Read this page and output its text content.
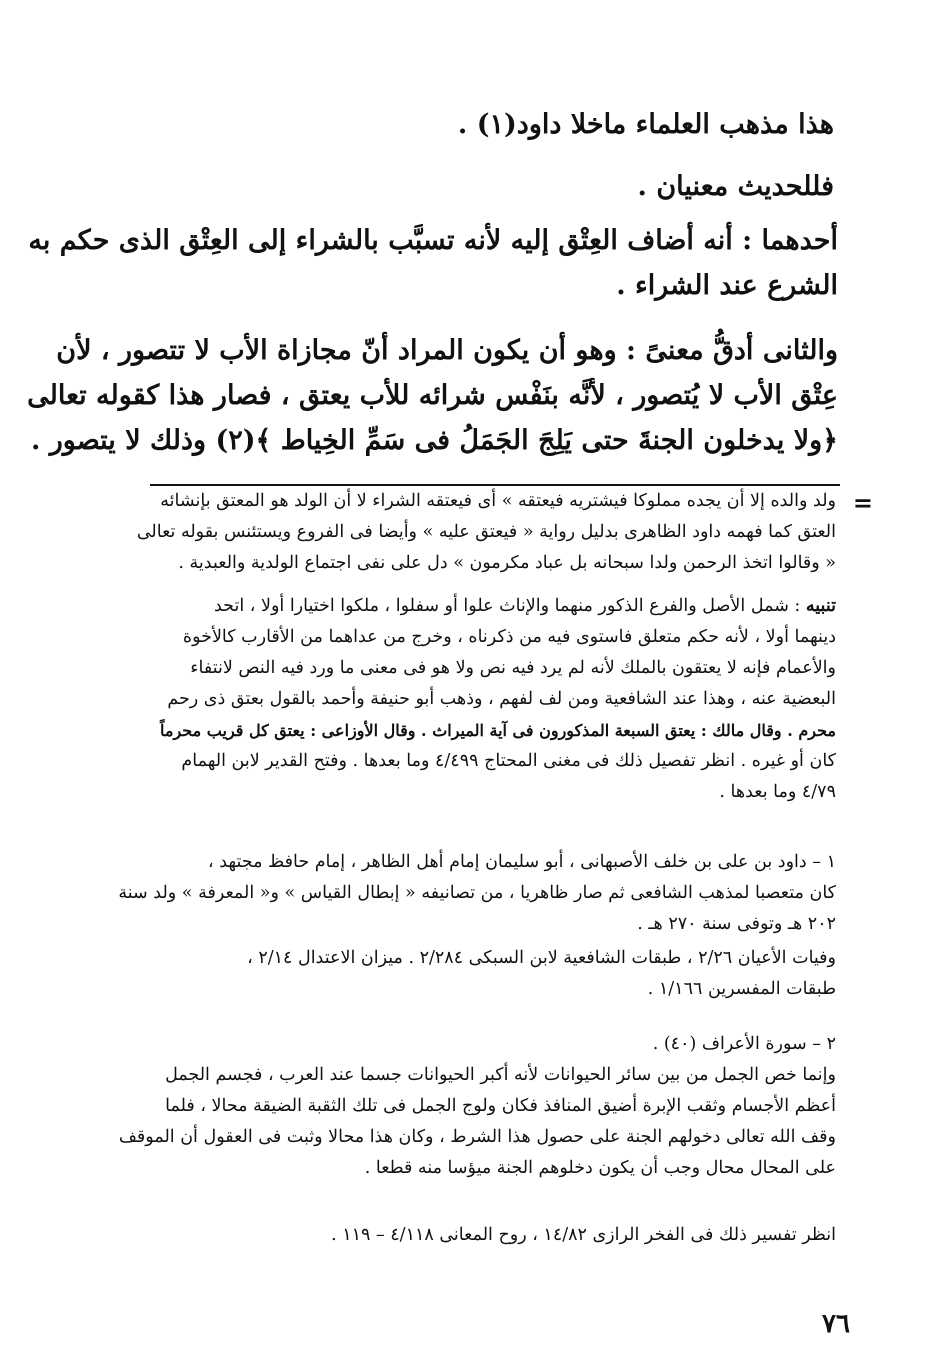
هذا مذهب العلماء ماخلا داود(١) .
فللحديث معنيان .
أحدهما : أنه أضاف العِتْق إليه لأنه تسبَّب بالشراء إلى العِتْق الذى حكم به
الشرع عند الشراء .
والثانى أدقُّ معنىً : وهو أن يكون المراد أنّ مجازاة الأب لا تتصور ، لأن
عِتْق الأب لا يُتصور ، لأنَّه بنَفْس شرائه للأب يعتق ، فصار هذا كقوله تعالى
﴿ولا يدخلون الجنةَ حتى يَلِجَ الجَمَلُ فى سَمِّ الخِياط ﴾(٢) وذلك لا يتصور .
=
ولد والده إلا أن يجده مملوكا فيشتريه فيعتقه » أى فيعتقه الشراء لا أن الولد هو المعتق بإنشائه
العتق كما فهمه داود الظاهرى بدليل رواية « فيعتق عليه » وأيضا فى الفروع ويستئنس بقوله تعالى
« وقالوا اتخذ الرحمن ولدا سبحانه بل عباد مكرمون » دل على نفى اجتماع الولدية والعبدية .
تنبيه : شمل الأصل والفرع الذكور منهما والإناث علوا أو سفلوا ، ملكوا اختيارا أولا ، اتحد
دينهما أولا ، لأنه حكم متعلق فاستوى فيه من ذكرناه ، وخرج من عداهما من الأقارب كالأخوة
والأعمام فإنه لا يعتقون بالملك لأنه لم يرد فيه نص ولا هو فى معنى ما ورد فيه النص لانتفاء
البعضية عنه ، وهذا عند الشافعية ومن لف لفهم ، وذهب أبو حنيفة وأحمد بالقول بعتق ذى رحم
محرم . وقال مالك : يعتق السبعة المذكورون فى آية الميراث . وقال الأوزاعى : يعتق كل قريب محرماً
كان أو غيره . انظر تفصيل ذلك فى مغنى المحتاج ٤/٤٩٩ وما بعدها . وفتح القدير لابن الهمام
٤/٧٩ وما بعدها .
١ – داود بن على بن خلف الأصبهانى ، أبو سليمان إمام أهل الظاهر ، إمام حافظ مجتهد ،
كان متعصبا لمذهب الشافعى ثم صار ظاهريا ، من تصانيفه « إبطال القياس » و« المعرفة » ولد سنة
٢٠٢ هـ وتوفى سنة ٢٧٠ هـ .
وفيات الأعيان ٢/٢٦ ، طبقات الشافعية لابن السبكى ٢/٢٨٤ . ميزان الاعتدال ٢/١٤ ،
طبقات المفسرين ١/١٦٦ .
٢ – سورة الأعراف (٤٠) .
وإنما خص الجمل من بين سائر الحيوانات لأنه أكبر الحيوانات جسما عند العرب ، فجسم الجمل
أعظم الأجسام وثقب الإبرة أضيق المنافذ فكان ولوج الجمل فى تلك الثقبة الضيقة محالا ، فلما
وقف الله تعالى دخولهم الجنة على حصول هذا الشرط ، وكان هذا محالا وثبت فى العقول أن الموقف
على المحال محال وجب أن يكون دخلوهم الجنة ميؤسا منه قطعا .
انظر تفسير ذلك فى الفخر الرازى ١٤/٨٢ ، روح المعانى ٤/١١٨ – ١١٩ .
٧٦
